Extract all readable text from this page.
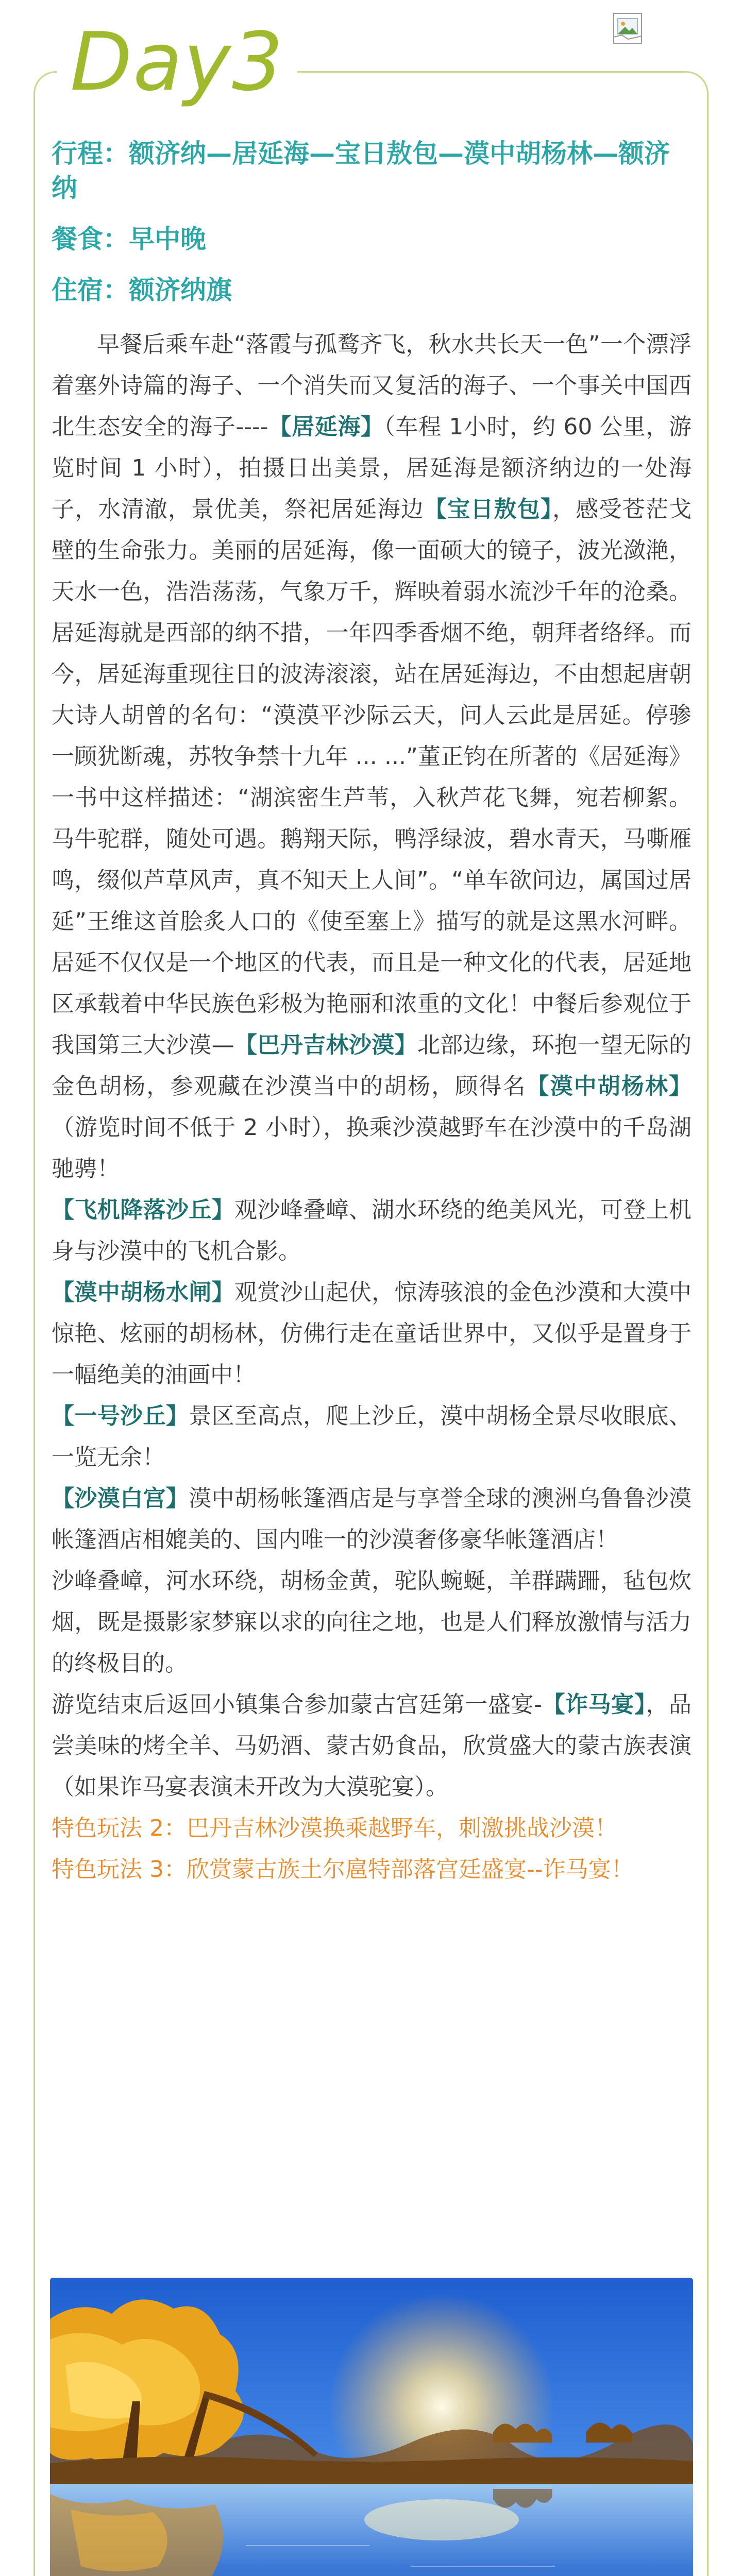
Day3

行程：额济纳—居延海—宝日敖包—漠中胡杨林—额济纳

餐食：早中晚

住宿：额济纳旗

早餐后乘车赴“落霞与孤鹜齐飞，秋水共长天一色”一个漂浮着塞外诗篇的海子、一个消失而又复活的海子、一个事关中国西北生态安全的海子----【居延海】（车程 1小时，约 60 公里，游览时间 1 小时），拍摄日出美景，居延海是额济纳边的一处海子，水清澈，景优美，祭祀居延海边【宝日敖包】，感受苍茫戈壁的生命张力。美丽的居延海，像一面硕大的镜子，波光潋滟，天水一色，浩浩荡荡，气象万千，辉映着弱水流沙千年的沧桑。居延海就是西部的纳不措，一年四季香烟不绝，朝拜者络绎。而今，居延海重现往日的波涛滚滚，站在居延海边，不由想起唐朝大诗人胡曾的名句：“漠漠平沙际云天，问人云此是居延。停骖一顾犹断魂，苏牧争禁十九年 ... ...”董正钧在所著的《居延海》一书中这样描述：“湖滨密生芦苇，入秋芦花飞舞，宛若柳絮。马牛驼群，随处可遇。鹅翔天际，鸭浮绿波，碧水青天，马嘶雁鸣，缀似芦草风声，真不知天上人间”。“单车欲问边，属国过居延”王维这首脍炙人口的《使至塞上》描写的就是这黑水河畔。居延不仅仅是一个地区的代表，而且是一种文化的代表，居延地区承载着中华民族色彩极为艳丽和浓重的文化！中餐后参观位于我国第三大沙漠—【巴丹吉林沙漠】北部边缘，环抱一望无际的金色胡杨，参观藏在沙漠当中的胡杨，顾得名【漠中胡杨林】（游览时间不低于 2 小时），换乘沙漠越野车在沙漠中的千岛湖驰骋！

【飞机降落沙丘】观沙峰叠嶂、湖水环绕的绝美风光，可登上机身与沙漠中的飞机合影。

【漠中胡杨水闸】观赏沙山起伏，惊涛骇浪的金色沙漠和大漠中惊艳、炫丽的胡杨林，仿佛行走在童话世界中，又似乎是置身于一幅绝美的油画中！

【一号沙丘】景区至高点，爬上沙丘，漠中胡杨全景尽收眼底、一览无余！

【沙漠白宫】漠中胡杨帐篷酒店是与享誉全球的澳洲乌鲁鲁沙漠帐篷酒店相媲美的、国内唯一的沙漠奢侈豪华帐篷酒店！

沙峰叠嶂，河水环绕，胡杨金黄，驼队蜿蜒，羊群蹒跚，毡包炊烟，既是摄影家梦寐以求的向往之地，也是人们释放激情与活力的终极目的。

游览结束后返回小镇集合参加蒙古宫廷第一盛宴-【诈马宴】，品尝美味的烤全羊、马奶酒、蒙古奶食品，欣赏盛大的蒙古族表演（如果诈马宴表演未开改为大漠驼宴）。

特色玩法 2：巴丹吉林沙漠换乘越野车，刺激挑战沙漠！

特色玩法 3：欣赏蒙古族土尔扈特部落宫廷盛宴--诈马宴！
